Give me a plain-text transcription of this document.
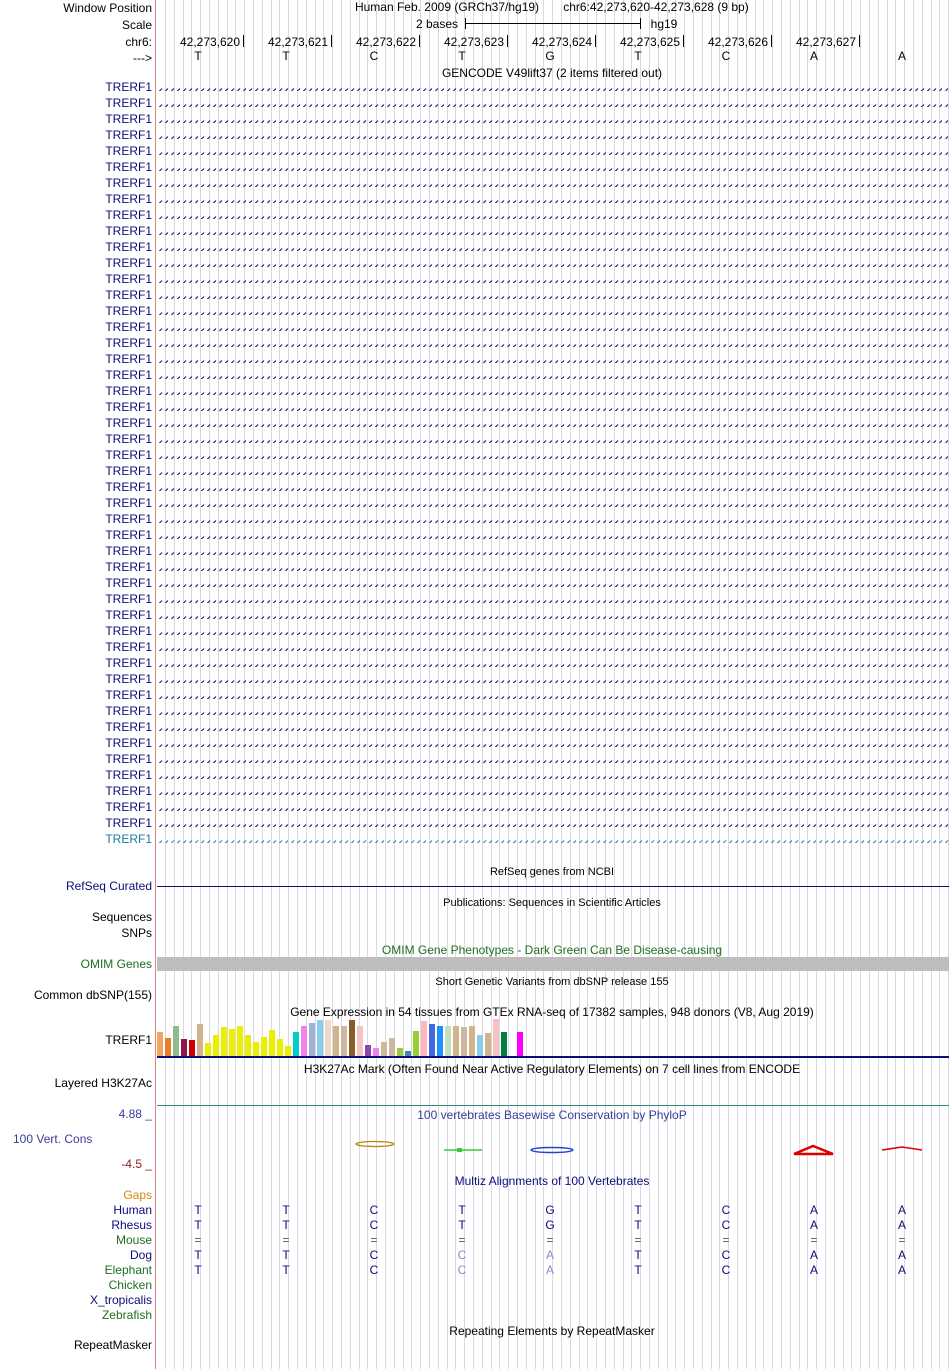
Window Position	Human Feb. 2009 (GRCh37/hg19) chr6:42,273,620-42,273,628 (9 bp)
Scale	2 bases	hg19
chr6: 42,273,620 42,273,621 42,273,622 42,273,623 42,273,624 42,273,625 42,273,626 42,273,627
--->	T	T	C	T	G	T	C	A	A
GENCODE V49lift37 (2 items filtered out)
TRERF1
TRERF1
TRERF1
TRERF1
TRERF1
TRERF1
TRERF1
TRERF1
TRERF1
TRERF1
TRERF1
TRERF1
TRERF1
TRERF1
TRERF1
TRERF1
TRERF1
TRERF1
TRERF1
TRERF1
TRERF1
TRERF1
TRERF1
TRERF1
TRERF1
TRERF1
TRERF1
TRERF1
TRERF1
TRERF1
TRERF1
TRERF1
TRERF1
TRERF1
TRERF1
TRERF1
TRERF1
TRERF1
TRERF1
TRERF1
TRERF1
TRERF1
TRERF1
TRERF1
TRERF1
TRERF1
TRERF1
TRERF1
RefSeq genes from NCBI
RefSeq Curated
Publications: Sequences in Scientific Articles
Sequences
SNPs
OMIM Gene Phenotypes - Dark Green Can Be Disease-causing
OMIM Genes
Short Genetic Variants from dbSNP release 155
Common dbSNP(155)
Gene Expression in 54 tissues from GTEx RNA-seq of 17382 samples, 948 donors (V8, Aug 2019)
TRERF1
H3K27Ac Mark (Often Found Near Active Regulatory Elements) on 7 cell lines from ENCODE
Layered H3K27Ac
4.88 _	100 vertebrates Basewise Conservation by PhyloP
100 Vert. Cons
-4.5 _
Multiz Alignments of 100 Vertebrates
Gaps
Human	T	T	C	T	G	T	C	A	A
Rhesus	T	T	C	T	G	T	C	A	A
Mouse	=	=	=	=	=	=	=	=	=
Dog	T	T	C	C	A	T	C	A	A
Elephant	T	T	C	C	A	T	C	A	A
Chicken
X_tropicalis
Zebrafish
Repeating Elements by RepeatMasker
RepeatMasker
